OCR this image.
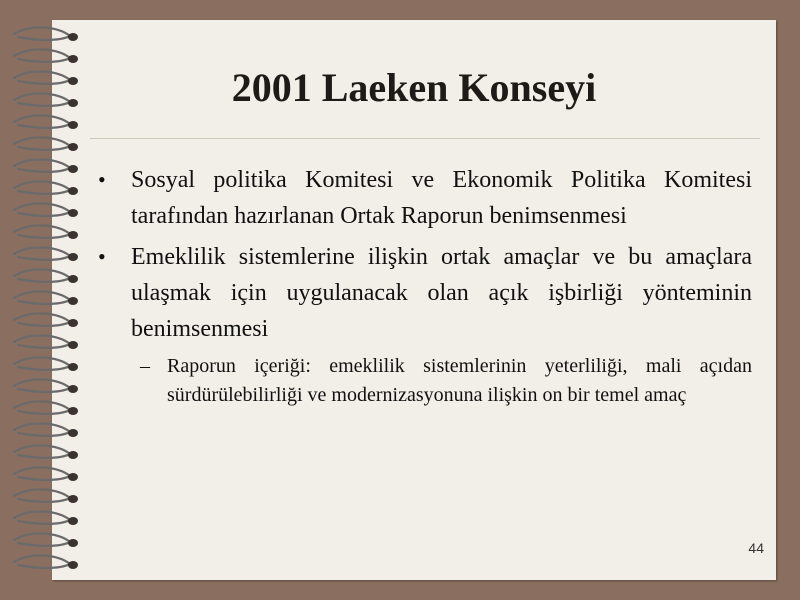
2001 Laeken Konseyi
• Sosyal politika Komitesi ve Ekonomik Politika Komitesi tarafından hazırlanan Ortak Raporun benimsenmesi
• Emeklilik sistemlerine ilişkin ortak amaçlar ve bu amaçlara ulaşmak için uygulanacak olan açık işbirliği yönteminin benimsenmesi
– Raporun içeriği: emeklilik sistemlerinin yeterliliği, mali açıdan sürdürülebilirliği ve modernizasyonuna ilişkin on bir temel amaç
44
